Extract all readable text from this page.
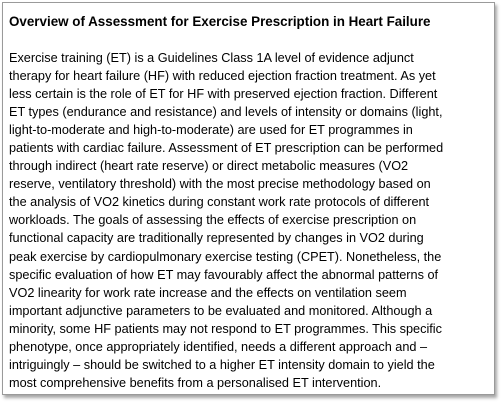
Overview of Assessment for Exercise Prescription in Heart Failure

Exercise training (ET) is a Guidelines Class 1A level of evidence adjunct
therapy for heart failure (HF) with reduced ejection fraction treatment. As yet
less certain is the role of ET for HF with preserved ejection fraction. Different
ET types (endurance and resistance) and levels of intensity or domains (light,
light-to-moderate and high-to-moderate) are used for ET programmes in
patients with cardiac failure. Assessment of ET prescription can be performed
through indirect (heart rate reserve) or direct metabolic measures (VO2
reserve, ventilatory threshold) with the most precise methodology based on
the analysis of VO2 kinetics during constant work rate protocols of different
workloads. The goals of assessing the effects of exercise prescription on
functional capacity are traditionally represented by changes in VO2 during
peak exercise by cardiopulmonary exercise testing (CPET). Nonetheless, the
specific evaluation of how ET may favourably affect the abnormal patterns of
VO2 linearity for work rate increase and the effects on ventilation seem
important adjunctive parameters to be evaluated and monitored. Although a
minority, some HF patients may not respond to ET programmes. This specific
phenotype, once appropriately identified, needs a different approach and –
intriguingly – should be switched to a higher ET intensity domain to yield the
most comprehensive benefits from a personalised ET intervention.
